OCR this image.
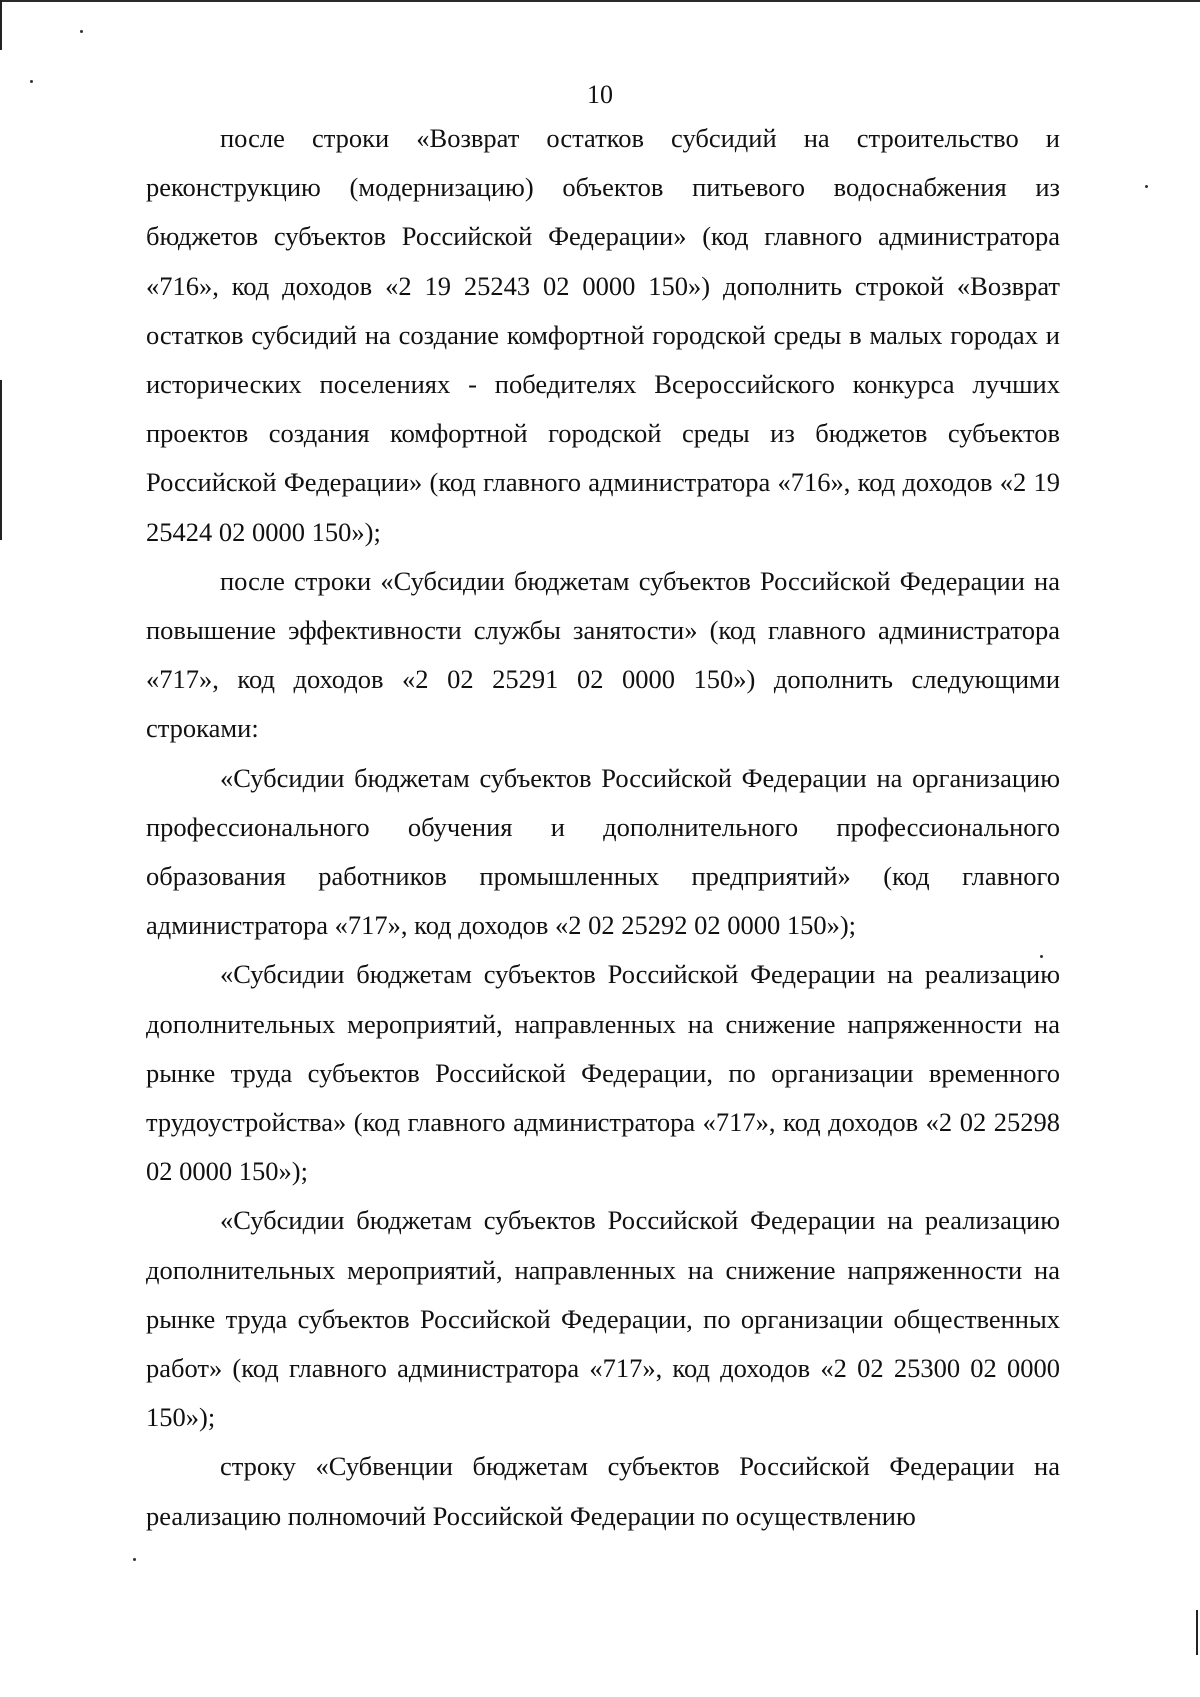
10

после строки «Возврат остатков субсидий на строительство и реконструкцию (модернизацию) объектов питьевого водоснабжения из бюджетов субъектов Российской Федерации» (код главного администратора «716», код доходов «2 19 25243 02 0000 150») дополнить строкой «Возврат остатков субсидий на создание комфортной городской среды в малых городах и исторических поселениях - победителях Всероссийского конкурса лучших проектов создания комфортной городской среды из бюджетов субъектов Российской Федерации» (код главного администратора «716», код доходов «2 19 25424 02 0000 150»);

после строки «Субсидии бюджетам субъектов Российской Федерации на повышение эффективности службы занятости» (код главного администратора «717», код доходов «2 02 25291 02 0000 150») дополнить следующими строками:

«Субсидии бюджетам субъектов Российской Федерации на организацию профессионального обучения и дополнительного профессионального образования работников промышленных предприятий» (код главного администратора «717», код доходов «2 02 25292 02 0000 150»);

«Субсидии бюджетам субъектов Российской Федерации на реализацию дополнительных мероприятий, направленных на снижение напряженности на рынке труда субъектов Российской Федерации, по организации временного трудоустройства» (код главного администратора «717», код доходов «2 02 25298 02 0000 150»);

«Субсидии бюджетам субъектов Российской Федерации на реализацию дополнительных мероприятий, направленных на снижение напряженности на рынке труда субъектов Российской Федерации, по организации общественных работ» (код главного администратора «717», код доходов «2 02 25300 02 0000 150»);

строку «Субвенции бюджетам субъектов Российской Федерации на реализацию полномочий Российской Федерации по осуществлению
